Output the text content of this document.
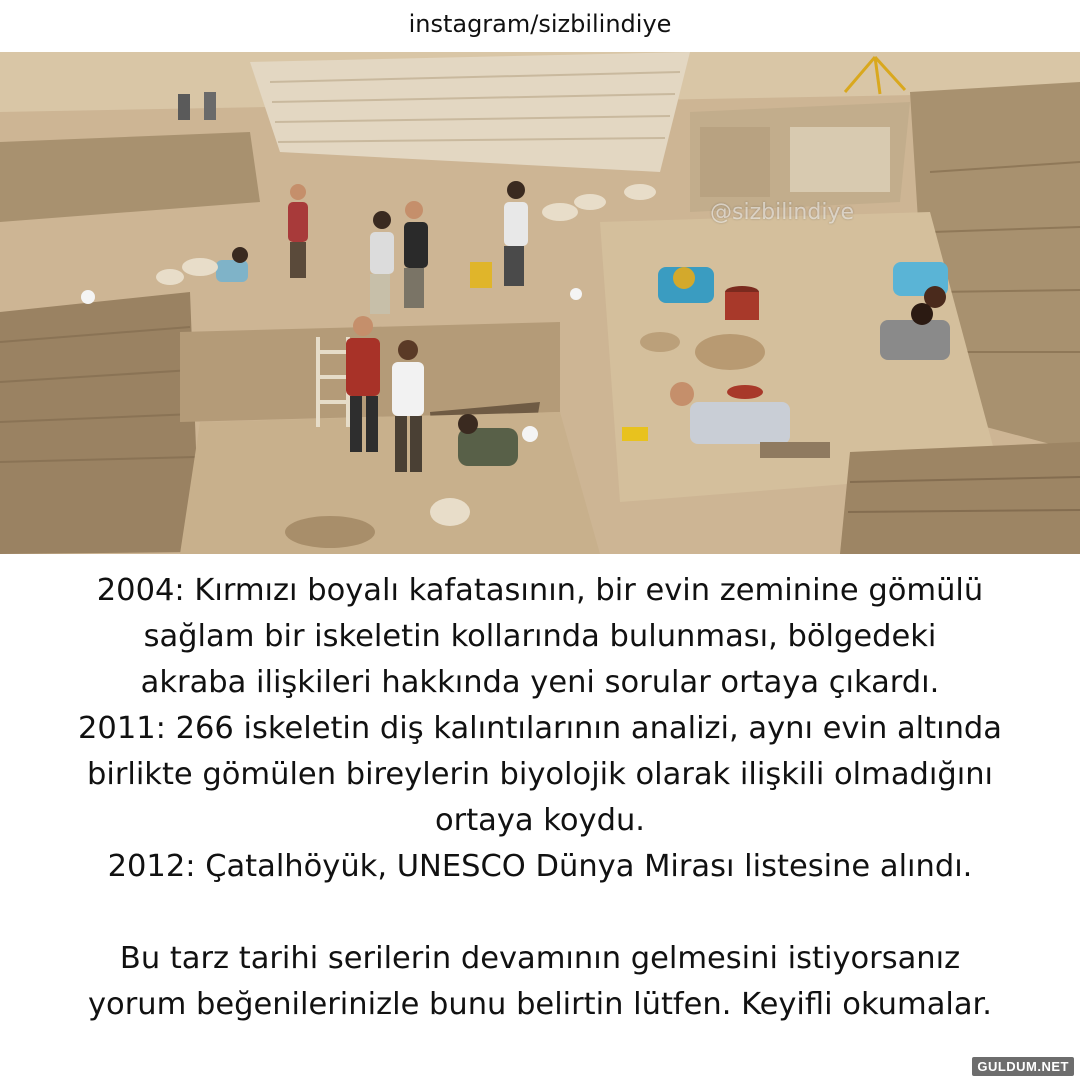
instagram/sizbilindiye
@sizbilindiye

2004: Kırmızı boyalı kafatasının, bir evin zeminine gömülü

sağlam bir iskeletin kollarında bulunması, bölgedeki

akraba ilişkileri hakkında yeni sorular ortaya çıkardı.

2011: 266 iskeletin diş kalıntılarının analizi, aynı evin altında

birlikte gömülen bireylerin biyolojik olarak ilişkili olmadığını

ortaya koydu.

2012: Çatalhöyük, UNESCO Dünya Mirası listesine alındı.

Bu tarz tarihi serilerin devamının gelmesini istiyorsanız

yorum beğenilerinizle bunu belirtin lütfen. Keyifli okumalar.

GULDUM.NET
